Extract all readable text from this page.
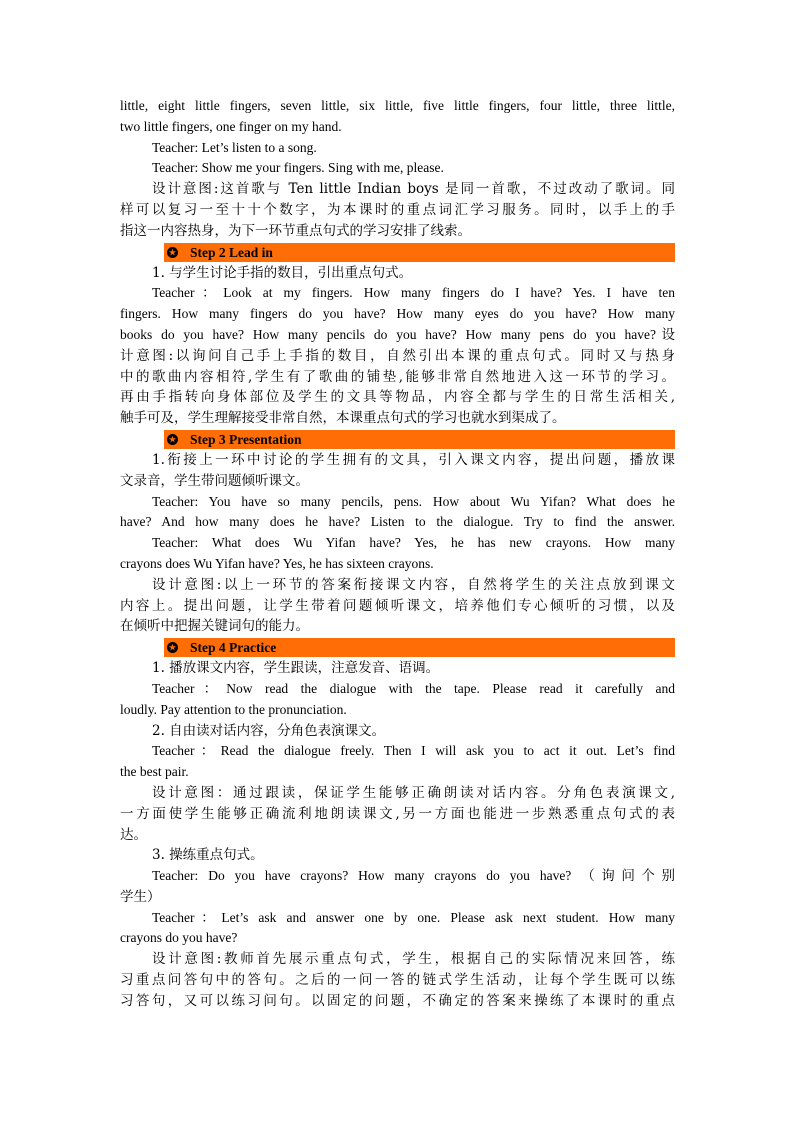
little, eight little fingers, seven little, six little, five little fingers, four little, three little,
two little fingers, one finger on my hand.
Teacher: Let’s listen to a song.
Teacher: Show me your fingers. Sing with me, please.
设计意图:这首歌与 Ten little Indian boys 是同一首歌，不过改动了歌词。同
样可以复习一至十十个数字，为本课时的重点词汇学习服务。同时，以手上的手
指这一内容热身，为下一环节重点句式的学习安排了线索。
★ Step 2 Lead in
1. 与学生讨论手指的数目，引出重点句式。
Teacher：Look at my fingers. How many fingers do I have? Yes. I have ten
fingers. How many fingers do you have? How many eyes do you have? How many
books do you have? How many pencils do you have? How many pens do you have?设
计意图:以询问自己手上手指的数目，自然引出本课的重点句式。同时又与热身
中的歌曲内容相符,学生有了歌曲的铺垫,能够非常自然地进入这一环节的学习。
再由手指转向身体部位及学生的文具等物品，内容全都与学生的日常生活相关,
触手可及，学生理解接受非常自然，本课重点句式的学习也就水到渠成了。
★ Step 3 Presentation
1.衔接上一环中讨论的学生拥有的文具，引入课文内容，提出问题，播放课
文录音，学生带问题倾听课文。
Teacher: You have so many pencils, pens. How about Wu Yifan? What does he
have? And how many does he have? Listen to the dialogue. Try to find the answer.
Teacher: What does Wu Yifan have? Yes, he has new crayons. How many
crayons does Wu Yifan have? Yes, he has sixteen crayons.
设计意图:以上一环节的答案衔接课文内容，自然将学生的关注点放到课文
内容上。提出问题，让学生带着问题倾听课文，培养他们专心倾听的习惯，以及
在倾听中把握关键词句的能力。
★ Step 4 Practice
1. 播放课文内容，学生跟读，注意发音、语调。
Teacher：Now read the dialogue with the tape. Please read it carefully and
loudly. Pay attention to the pronunciation.
2. 自由读对话内容，分角色表演课文。
Teacher：Read the dialogue freely. Then I will ask you to act it out. Let’s find
the best pair.
设计意图：通过跟读，保证学生能够正确朗读对话内容。分角色表演课文,
一方面使学生能够正确流利地朗读课文,另一方面也能进一步熟悉重点句式的表
达。
3. 操练重点句式。
Teacher: Do you have crayons? How many crayons do you have? （询问个别
学生）
Teacher：Let’s ask and answer one by one. Please ask next student. How many
crayons do you have?
设计意图:教师首先展示重点句式，学生，根据自己的实际情况来回答，练
习重点问答句中的答句。之后的一问一答的链式学生活动，让每个学生既可以练
习答句，又可以练习问句。以固定的问题，不确定的答案来操练了本课时的重点
